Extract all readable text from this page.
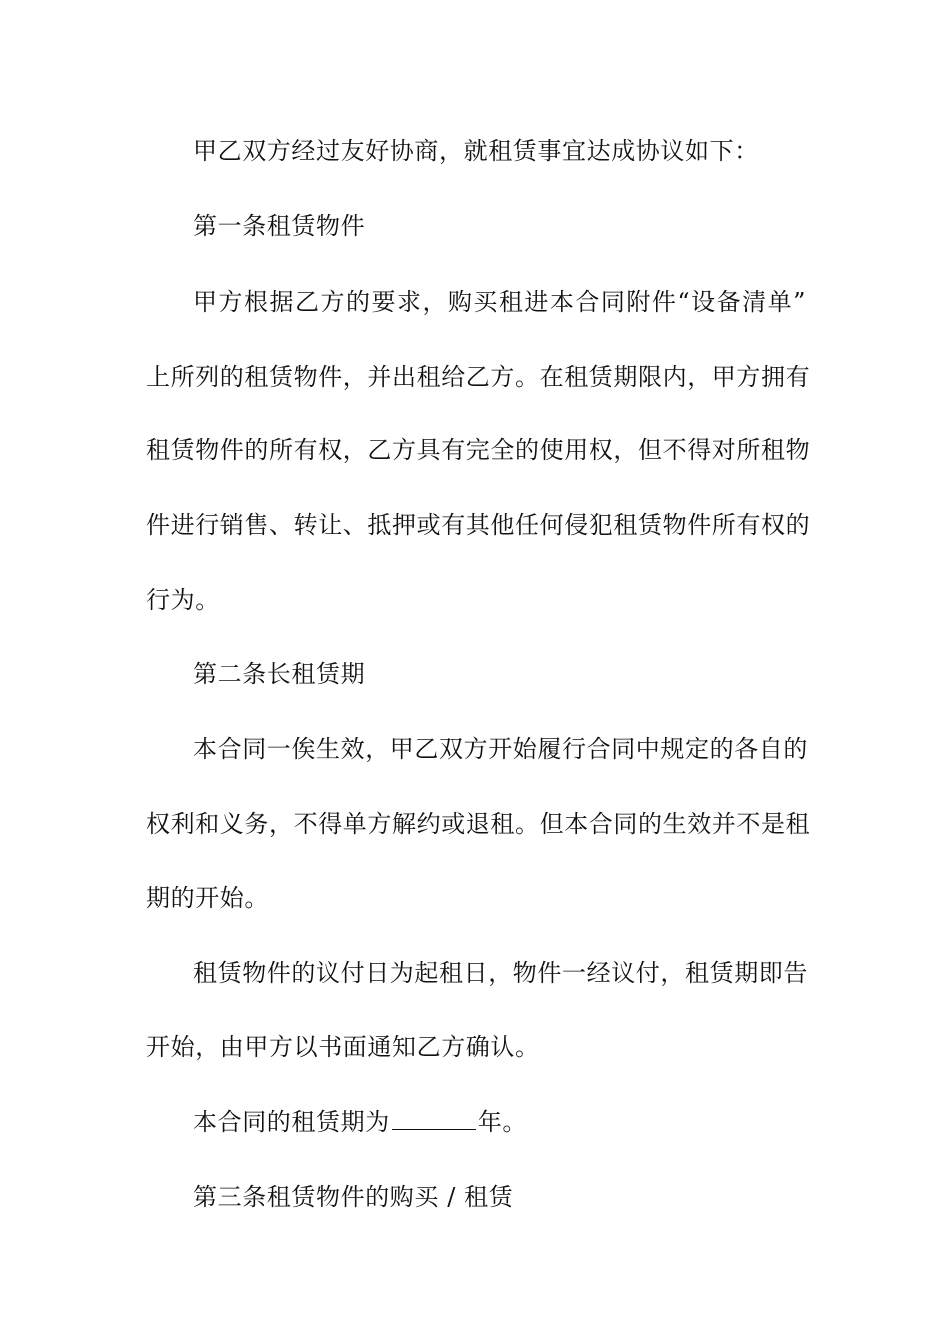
甲乙双方经过友好协商，就租赁事宜达成协议如下：
第一条租赁物件
甲方根据乙方的要求，购买租进本合同附件“设备清单”
上所列的租赁物件，并出租给乙方。在租赁期限内，甲方拥有
租赁物件的所有权，乙方具有完全的使用权，但不得对所租物
件进行销售、转让、抵押或有其他任何侵犯租赁物件所有权的
行为。
第二条长租赁期
本合同一俟生效，甲乙双方开始履行合同中规定的各自的
权利和义务，不得单方解约或退租。但本合同的生效并不是租
期的开始。
租赁物件的议付日为起租日，物件一经议付，租赁期即告
开始，由甲方以书面通知乙方确认。
本合同的租赁期为	年。
第三条租赁物件的购买 / 租赁
